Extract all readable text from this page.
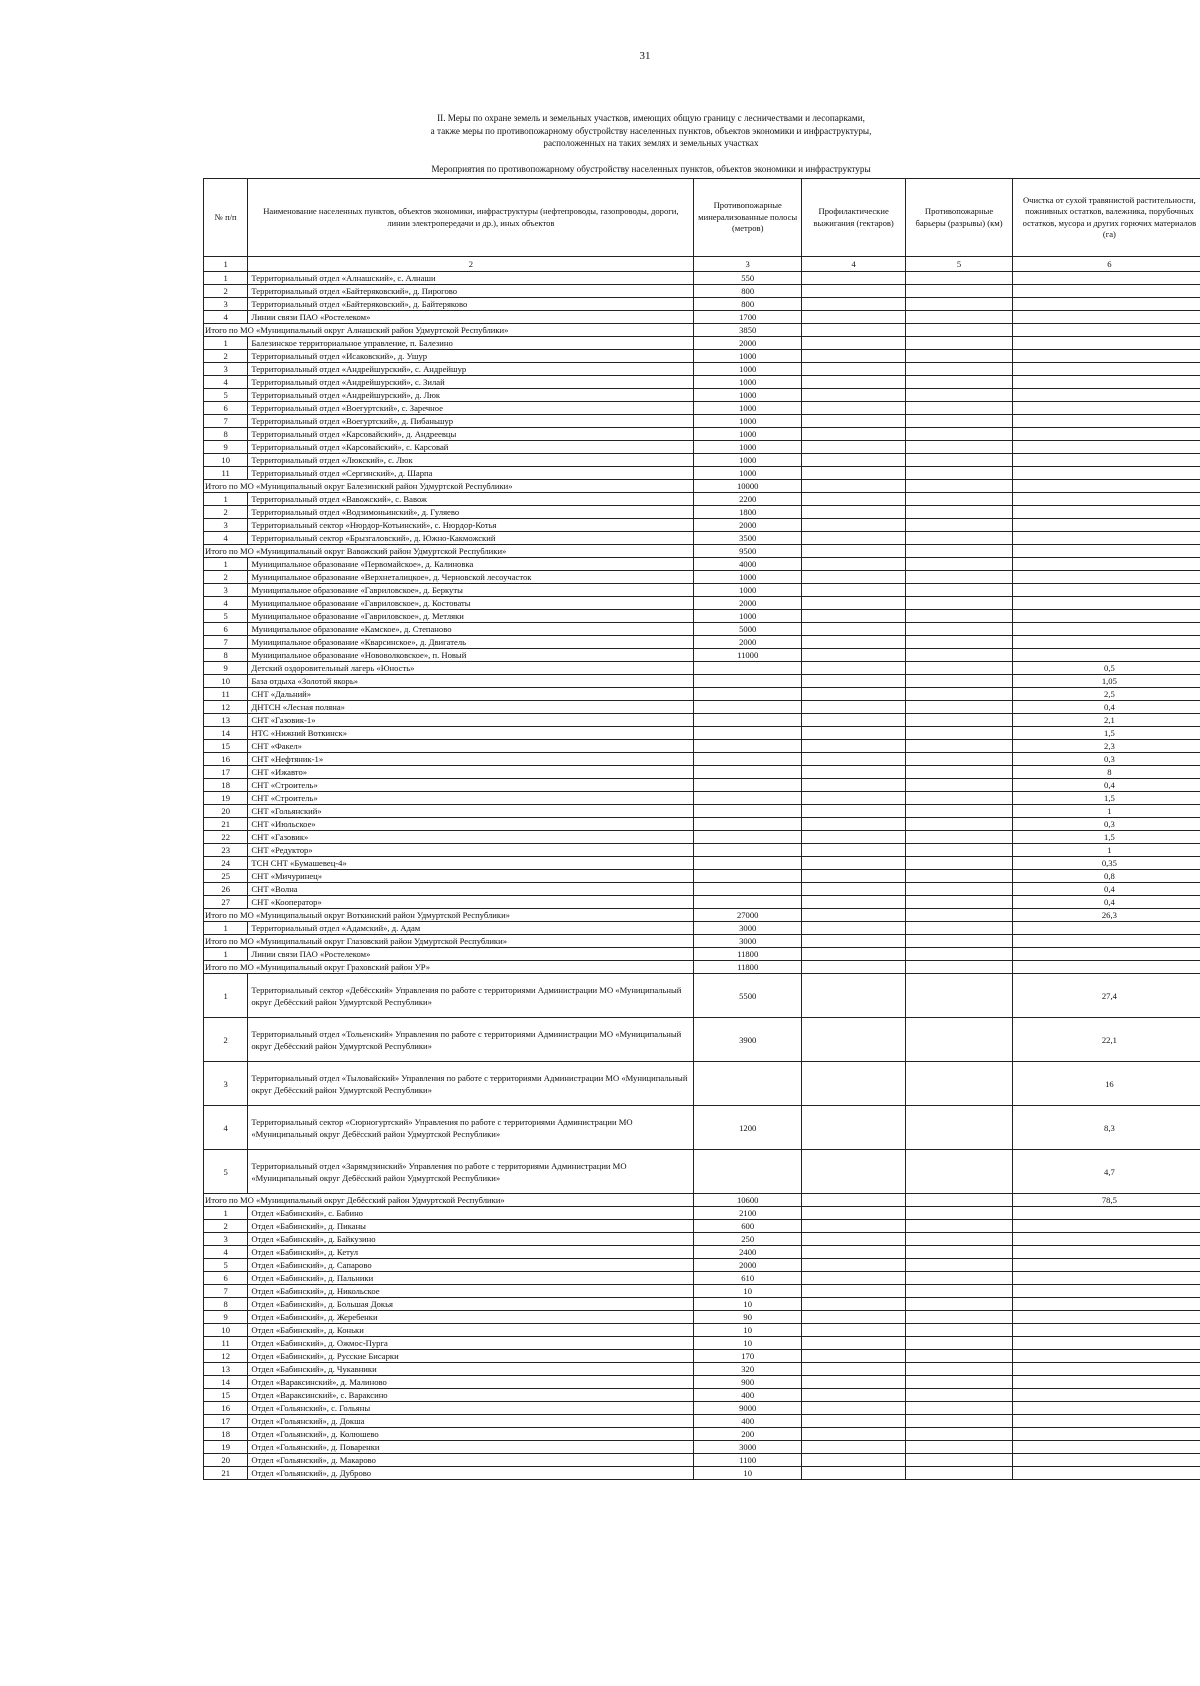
31
II. Меры по охране земель и земельных участков, имеющих общую границу с лесничествами и лесопарками,
а также меры по противопожарному обустройству населенных пунктов, объектов экономики и инфраструктуры,
расположенных на таких землях и земельных участках
Мероприятия по противопожарному обустройству населенных пунктов, объектов экономики и инфраструктуры
№ п/п	Наименование населенных пунктов, объектов экономики, инфраструктуры (нефтепроводы, газопроводы, дороги, линии электропередачи и др.), иных объектов	Противопожарные минерализованные полосы (метров)	Профилактические выжигания (гектаров)	Противопожарные барьеры (разрывы) (км)	Очистка от сухой травянистой растительности, пожнивных остатков, валежника, порубочных остатков, мусора и других горючих материалов (га)
1	2	3	4	5	6
1	Территориальный отдел «Алнашский», с. Алнаши	550			
2	Территориальный отдел «Байтеряковский», д. Пирогово	800			
3	Территориальный отдел «Байтеряковский», д. Байтеряково	800			
4	Линии связи ПАО «Ростелеком»	1700			
Итого по МО «Муниципальный округ Алнашский район Удмуртской Республики»		3850			
1	Балезинское территориальное управление, п. Балезино	2000			
2	Территориальный отдел «Исаковский», д. Ушур	1000			
3	Территориальный отдел «Андрейшурский», с. Андрейшур	1000			
4	Территориальный отдел «Андрейшурский», с. Зилай	1000			
5	Территориальный отдел «Андрейшурский», д. Люк	1000			
6	Территориальный отдел «Воегуртский», с. Заречное	1000			
7	Территориальный отдел «Воегуртский», д. Пибаньшур	1000			
8	Территориальный отдел «Карсовайский», д. Андреевцы	1000			
9	Территориальный отдел «Карсовайский», с. Карсовай	1000			
10	Территориальный отдел «Люкский», с. Люк	1000			
11	Территориальный отдел «Сергинский», д. Шарпа	1000			
Итого по МО «Муниципальный округ Балезинский район Удмуртской Республики»		10000			
1	Территориальный отдел «Вавожский», с. Вавож	2200			
2	Территориальный отдел «Водзимоньинский», д. Гуляево	1800			
3	Территориальный сектор «Нюрдор-Котьинский», с. Нюрдор-Котья	2000			
4	Территориальный сектор «Брызгаловский», д. Южно-Какможский	3500			
Итого по МО «Муниципальный округ Вавожский район Удмуртской Республики»		9500			
1	Муниципальное образование «Первомайское», д. Калиновка	4000			
2	Муниципальное образование «Верхнеталицкое», д. Черновской лесоучасток	1000			
3	Муниципальное образование «Гавриловское», д. Беркуты	1000			
4	Муниципальное образование «Гавриловское», д. Костоваты	2000			
5	Муниципальное образование «Гавриловское», д. Метляки	1000			
6	Муниципальное образование «Камское», д. Степаново	5000			
7	Муниципальное образование «Кварсинское», д. Двигатель	2000			
8	Муниципальное образование «Нововолковское», п. Новый	11000			
9	Детский оздоровительный лагерь «Юность»				0,5
10	База отдыха «Золотой якорь»				1,05
11	СНТ «Дальний»				2,5
12	ДНТСН «Лесная поляна»				0,4
13	СНТ «Газовик-1»				2,1
14	НТС «Нижний Воткинск»				1,5
15	СНТ «Факел»				2,3
16	СНТ «Нефтяник-1»				0,3
17	СНТ «Ижавто»				8
18	СНТ «Строитель»				0,4
19	СНТ «Строитель»				1,5
20	СНТ «Гольянский»				1
21	СНТ «Июльское»				0,3
22	СНТ «Газовик»				1,5
23	СНТ «Редуктор»				1
24	ТСН СНТ «Бумашевец-4»				0,35
25	СНТ «Мичуринец»				0,8
26	СНТ «Волна				0,4
27	СНТ «Кооператор»				0,4
Итого по МО «Муниципальный округ Воткинский район Удмуртской Республики»		27000			26,3
1	Территориальный отдел «Адамский», д. Адам	3000			
Итого по МО «Муниципальный округ Глазовский район Удмуртской Республики»		3000			
1	Линии связи ПАО «Ростелеком»	11800			
Итого по МО «Муниципальный округ Граховский район УР»		11800			
1	Территориальный сектор «Дебёсский» Управления по работе с территориями Администрации МО «Муниципальный округ Дебёсский район Удмуртской Республики»	5500			27,4
2	Территориальный отдел «Тольенский» Управления по работе с территориями Администрации МО «Муниципальный округ Дебёсский район Удмуртской Республики»	3900			22,1
3	Территориальный отдел «Тыловайский» Управления по работе с территориями Администрации МО «Муниципальный округ Дебёсский район Удмуртской Республики»				16
4	Территориальный сектор «Сюрногуртский» Управления по работе с территориями Администрации МО «Муниципальный округ Дебёсский район Удмуртской Республики»	1200			8,3
5	Территориальный отдел «Зарямдзинский» Управления по работе с территориями Администрации МО «Муниципальный округ Дебёсский район Удмуртской Республики»				4,7
Итого по МО «Муниципальный округ Дебёсский район Удмуртской Республики»		10600			78,5
1	Отдел «Бабинский», с. Бабино	2100			
2	Отдел «Бабинский», д. Пиканы	600			
3	Отдел «Бабинский», д. Байкузино	250			
4	Отдел «Бабинский», д. Кетул	2400			
5	Отдел «Бабинский», д. Сапарово	2000			
6	Отдел «Бабинский», д. Пальники	610			
7	Отдел «Бабинский», д. Никольское	10			
8	Отдел «Бабинский», д. Большая Докья	10			
9	Отдел «Бабинский», д. Жеребенки	90			
10	Отдел «Бабинский», д. Коньки	10			
11	Отдел «Бабинский», д. Ожмос-Пурга	10			
12	Отдел «Бабинский», д. Русские Бисарки	170			
13	Отдел «Бабинский», д. Чукавники	320			
14	Отдел «Вараксинский», д. Малиново	900			
15	Отдел «Вараксинский», с. Вараксино	400			
16	Отдел «Гольянский», с. Гольяны	9000			
17	Отдел «Гольянский», д. Докша	400			
18	Отдел «Гольянский», д. Колюшево	200			
19	Отдел «Гольянский», д. Поваренки	3000			
20	Отдел «Гольянский», д. Макарово	1100			
21	Отдел «Гольянский», д. Дуброво	10			
